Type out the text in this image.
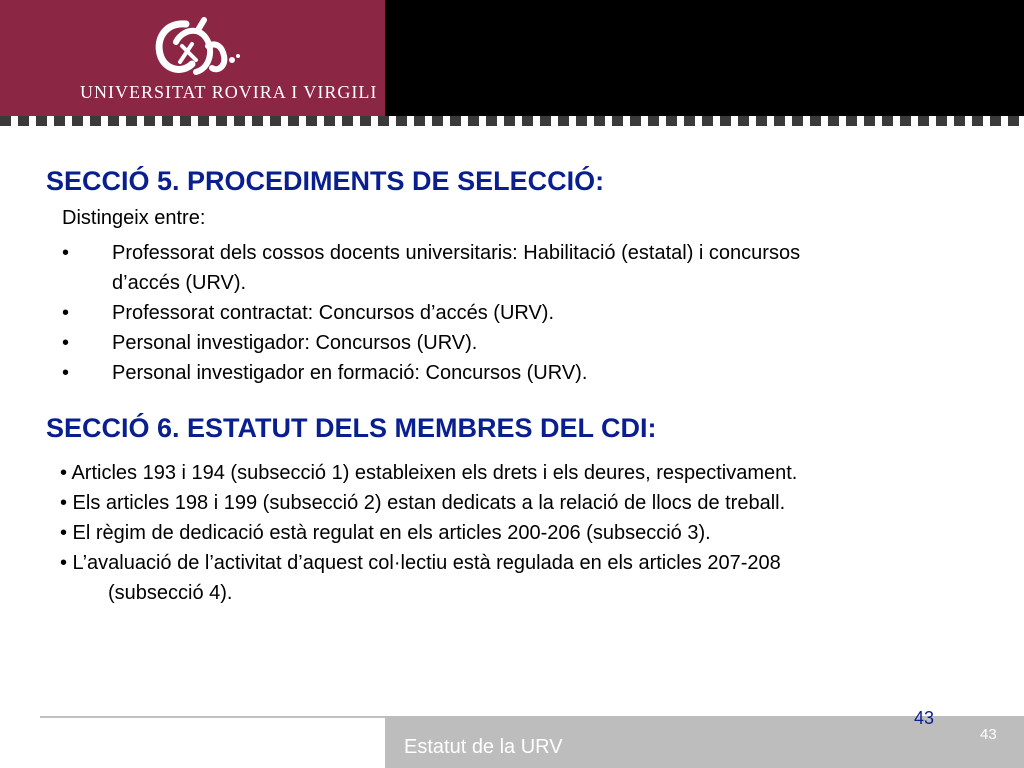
UNIVERSITAT ROVIRA I VIRGILI
SECCIÓ 5. PROCEDIMENTS DE SELECCIÓ:
Distingeix entre:
• Professorat dels cossos docents universitaris: Habilitació (estatal) i concursos
d’accés (URV).
• Professorat contractat: Concursos d’accés (URV).
• Personal investigador: Concursos (URV).
• Personal investigador en formació: Concursos (URV).
SECCIÓ 6. ESTATUT DELS MEMBRES DEL CDI:
• Articles 193 i 194 (subsecció 1) estableixen els drets i els deures, respectivament.
• Els articles 198 i 199 (subsecció 2) estan dedicats a la relació de llocs de treball.
• El règim de dedicació està regulat en els articles 200-206 (subsecció 3).
• L’avaluació de l’activitat d’aquest col·lectiu està regulada en els articles 207-208
(subsecció 4).
Estatut de la URV
43
43
